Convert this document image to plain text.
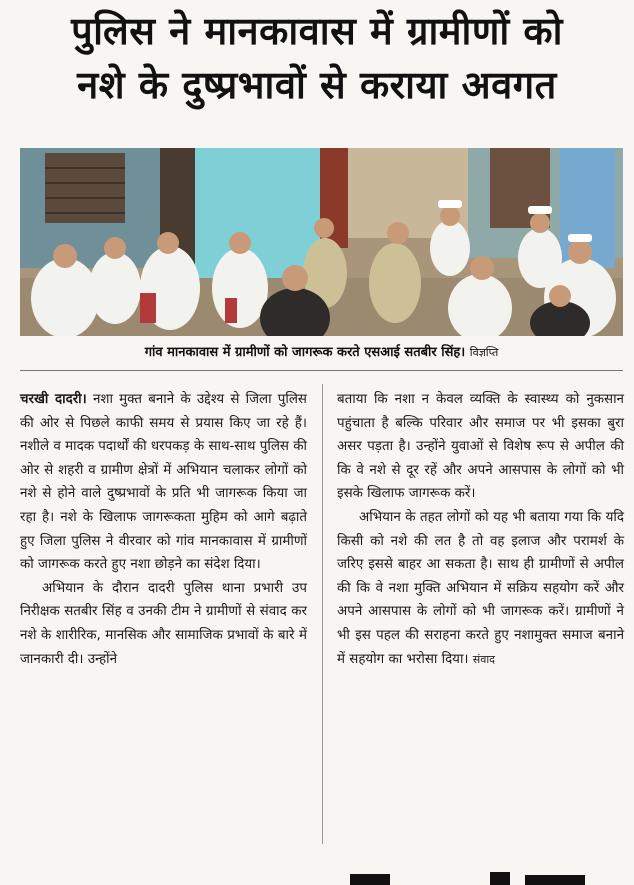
पुलिस ने मानकावास में ग्रामीणों को
नशे के दुष्प्रभावों से कराया अवगत
गांव मानकावास में ग्रामीणों को जागरूक करते एसआई सतबीर सिंह। विज्ञप्ति

चरखी दादरी। नशा मुक्त बनाने के उद्देश्य से जिला पुलिस की ओर से पिछले काफी समय से प्रयास किए जा रहे हैं। नशीले व मादक पदार्थों की धरपकड़ के साथ-साथ पुलिस की ओर से शहरी व ग्रामीण क्षेत्रों में अभियान चलाकर लोगों को नशे से होने वाले दुष्प्रभावों के प्रति भी जागरूक किया जा रहा है। नशे के खिलाफ जागरूकता मुहिम को आगे बढ़ाते हुए जिला पुलिस ने वीरवार को गांव मानकावास में ग्रामीणों को जागरूक करते हुए नशा छोड़ने का संदेश दिया।

अभियान के दौरान दादरी पुलिस थाना प्रभारी उप निरीक्षक सतबीर सिंह व उनकी टीम ने ग्रामीणों से संवाद कर नशे के शारीरिक, मानसिक और सामाजिक प्रभावों के बारे में जानकारी दी। उन्होंने

बताया कि नशा न केवल व्यक्ति के स्वास्थ्य को नुकसान पहुंचाता है बल्कि परिवार और समाज पर भी इसका बुरा असर पड़ता है। उन्होंने युवाओं से विशेष रूप से अपील की कि वे नशे से दूर रहें और अपने आसपास के लोगों को भी इसके खिलाफ जागरूक करें।

अभियान के तहत लोगों को यह भी बताया गया कि यदि किसी को नशे की लत है तो वह इलाज और परामर्श के जरिए इससे बाहर आ सकता है। साथ ही ग्रामीणों से अपील की कि वे नशा मुक्ति अभियान में सक्रिय सहयोग करें और अपने आसपास के लोगों को भी जागरूक करें। ग्रामीणों ने भी इस पहल की सराहना करते हुए नशामुक्त समाज बनाने में सहयोग का भरोसा दिया। संवाद
